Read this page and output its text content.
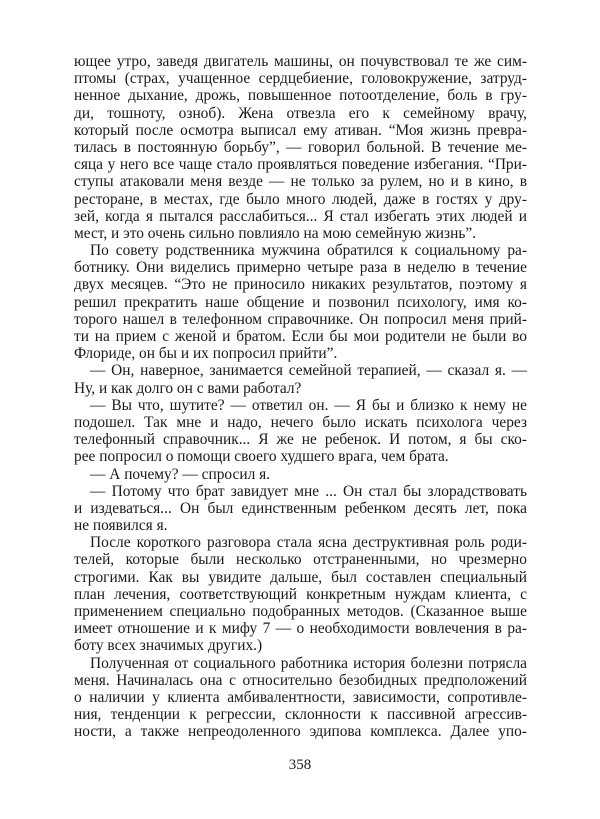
ющее утро, заведя двигатель машины, он почувствовал те же сим-
птомы (страх, учащенное сердцебиение, головокружение, затруд-
ненное дыхание, дрожь, повышенное потоотделение, боль в гру-
ди, тошноту, озноб). Жена отвезла его к семейному врачу,
который после осмотра выписал ему ативан. “Моя жизнь превра-
тилась в постоянную борьбу”, — говорил больной. В течение ме-
сяца у него все чаще стало проявляться поведение избегания. “При-
ступы атаковали меня везде — не только за рулем, но и в кино, в
ресторане, в местах, где было много людей, даже в гостях у дру-
зей, когда я пытался расслабиться... Я стал избегать этих людей и
мест, и это очень сильно повлияло на мою семейную жизнь”.
По совету родственника мужчина обратился к социальному ра-
ботнику. Они виделись примерно четыре раза в неделю в течение
двух месяцев. “Это не приносило никаких результатов, поэтому я
решил прекратить наше общение и позвонил психологу, имя ко-
торого нашел в телефонном справочнике. Он попросил меня прий-
ти на прием с женой и братом. Если бы мои родители не были во
Флориде, он бы и их попросил прийти”.
— Он, наверное, занимается семейной терапией, — сказал я. —
Ну, и как долго он с вами работал?
— Вы что, шутите? — ответил он. — Я бы и близко к нему не
подошел. Так мне и надо, нечего было искать психолога через
телефонный справочник... Я же не ребенок. И потом, я бы ско-
рее попросил о помощи своего худшего врага, чем брата.
— А почему? — спросил я.
— Потому что брат завидует мне ... Он стал бы злорадствовать
и издеваться... Он был единственным ребенком десять лет, пока
не появился я.
После короткого разговора стала ясна деструктивная роль роди-
телей, которые были несколько отстраненными, но чрезмерно
строгими. Как вы увидите дальше, был составлен специальный
план лечения, соответствующий конкретным нуждам клиента, с
применением специально подобранных методов. (Сказанное выше
имеет отношение и к мифу 7 — о необходимости вовлечения в ра-
боту всех значимых других.)
Полученная от социального работника история болезни потрясла
меня. Начиналась она с относительно безобидных предположений
о наличии у клиента амбивалентности, зависимости, сопротивле-
ния, тенденции к регрессии, склонности к пассивной агрессив-
ности, а также непреодоленного эдипова комплекса. Далее упо-
358
